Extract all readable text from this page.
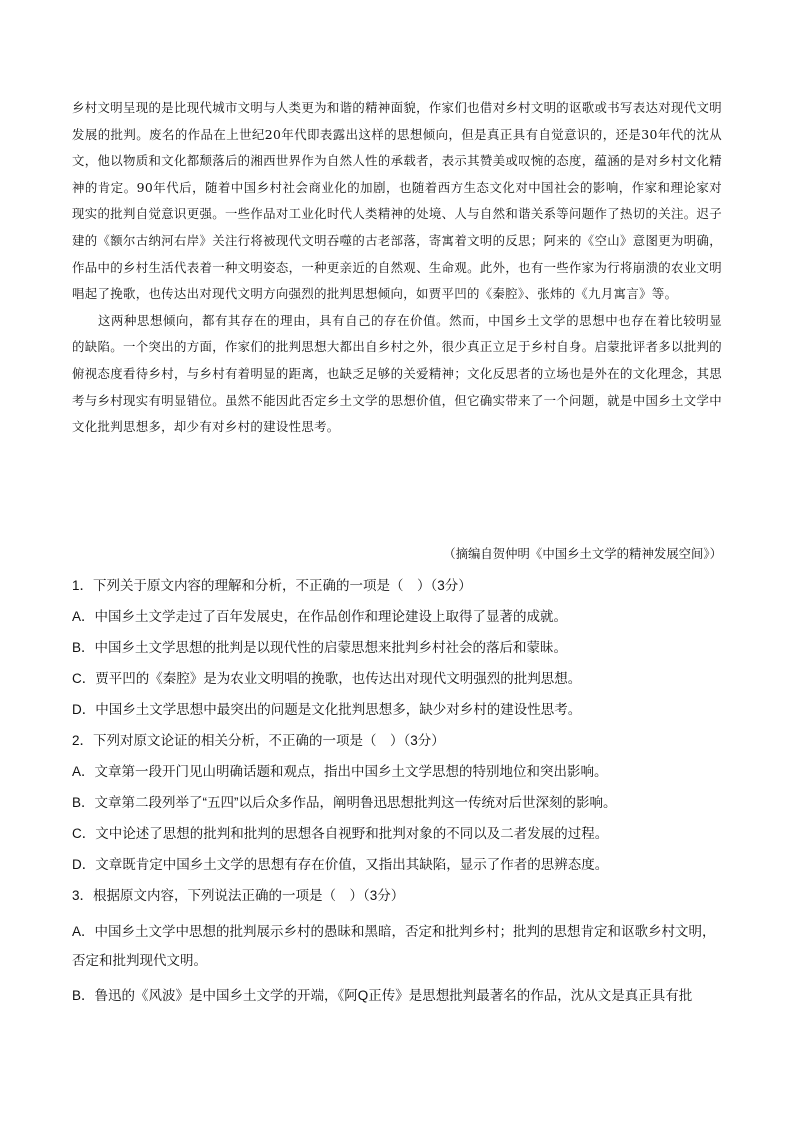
乡村文明呈现的是比现代城市文明与人类更为和谐的精神面貌，作家们也借对乡村文明的讴歌或书写表达对现代文明发展的批判。废名的作品在上世纪20年代即表露出这样的思想倾向，但是真正具有自觉意识的，还是30年代的沈从文，他以物质和文化都颓落后的湘西世界作为自然人性的承载者，表示其赞美或叹惋的态度，蕴涵的是对乡村文化精神的肯定。90年代后，随着中国乡村社会商业化的加剧，也随着西方生态文化对中国社会的影响，作家和理论家对现实的批判自觉意识更强。一些作品对工业化时代人类精神的处境、人与自然和谐关系等问题作了热切的关注。迟子建的《额尔古纳河右岸》关注行将被现代文明吞噬的古老部落，寄寓着文明的反思；阿来的《空山》意图更为明确，作品中的乡村生活代表着一种文明姿态，一种更亲近的自然观、生命观。此外，也有一些作家为行将崩溃的农业文明唱起了挽歌，也传达出对现代文明方向强烈的批判思想倾向，如贾平凹的《秦腔》、张炜的《九月寓言》等。

这两种思想倾向，都有其存在的理由，具有自己的存在价值。然而，中国乡土文学的思想中也存在着比较明显的缺陷。一个突出的方面，作家们的批判思想大都出自乡村之外，很少真正立足于乡村自身。启蒙批评者多以批判的俯视态度看待乡村，与乡村有着明显的距离，也缺乏足够的关爱精神；文化反思者的立场也是外在的文化理念，其思考与乡村现实有明显错位。虽然不能因此否定乡土文学的思想价值，但它确实带来了一个问题，就是中国乡土文学中文化批判思想多，却少有对乡村的建设性思考。

（摘编自贺仲明《中国乡土文学的精神发展空间》）
1．下列关于原文内容的理解和分析，不正确的一项是（　）（3分）
A．中国乡土文学走过了百年发展史，在作品创作和理论建设上取得了显著的成就。
B．中国乡土文学思想的批判是以现代性的启蒙思想来批判乡村社会的落后和蒙昧。
C．贾平凹的《秦腔》是为农业文明唱的挽歌，也传达出对现代文明强烈的批判思想。
D．中国乡土文学思想中最突出的问题是文化批判思想多，缺少对乡村的建设性思考。
2．下列对原文论证的相关分析，不正确的一项是（　）（3分）
A．文章第一段开门见山明确话题和观点，指出中国乡土文学思想的特别地位和突出影响。
B．文章第二段列举了“五四”以后众多作品，阐明鲁迅思想批判这一传统对后世深刻的影响。
C．文中论述了思想的批判和批判的思想各自视野和批判对象的不同以及二者发展的过程。
D．文章既肯定中国乡土文学的思想有存在价值，又指出其缺陷，显示了作者的思辨态度。
3．根据原文内容，下列说法正确的一项是（　）（3分）
A．中国乡土文学中思想的批判展示乡村的愚昧和黑暗，否定和批判乡村；批判的思想肯定和讴歌乡村文明，否定和批判现代文明。
B．鲁迅的《风波》是中国乡土文学的开端，《阿Q正传》是思想批判最著名的作品，沈从文是真正具有批
